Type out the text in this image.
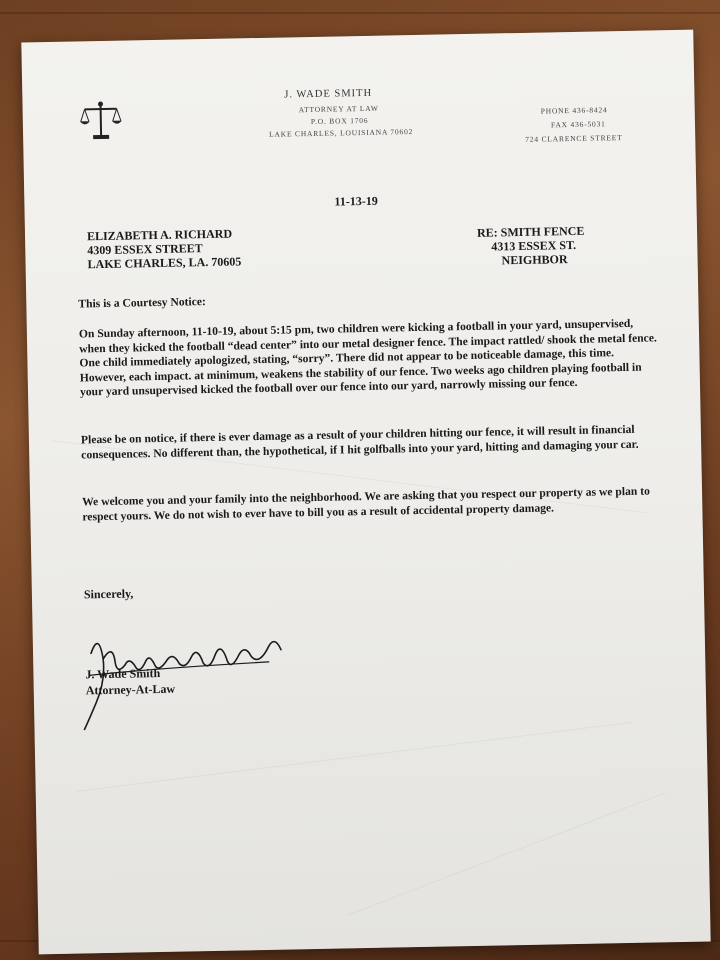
J. WADE SMITH
ATTORNEY AT LAW
P.O. BOX 1706
LAKE CHARLES, LOUISIANA 70602
PHONE 436-8424
FAX 436-5031
724 CLARENCE STREET
11-13-19
ELIZABETH A. RICHARD
4309 ESSEX STREET
LAKE CHARLES, LA. 70605
RE: SMITH FENCE
4313 ESSEX ST.
NEIGHBOR
This is a Courtesy Notice:
On Sunday afternoon, 11-10-19, about 5:15 pm, two children were kicking a football in your yard, unsupervised, when they kicked the football “dead center” into our metal designer fence. The impact rattled/ shook the metal fence. One child immediately apologized, stating, “sorry”. There did not appear to be noticeable damage, this time. However, each impact. at minimum, weakens the stability of our fence. Two weeks ago children playing football in your yard unsupervised kicked the football over our fence into our yard, narrowly missing our fence.
Please be on notice, if there is ever damage as a result of your children hitting our fence, it will result in financial consequences. No different than, the hypothetical, if I hit golfballs into your yard, hitting and damaging your car.
We welcome you and your family into the neighborhood. We are asking that you respect our property as we plan to respect yours. We do not wish to ever have to bill you as a result of accidental property damage.
Sincerely,
J. Wade Smith
Attorney-At-Law
